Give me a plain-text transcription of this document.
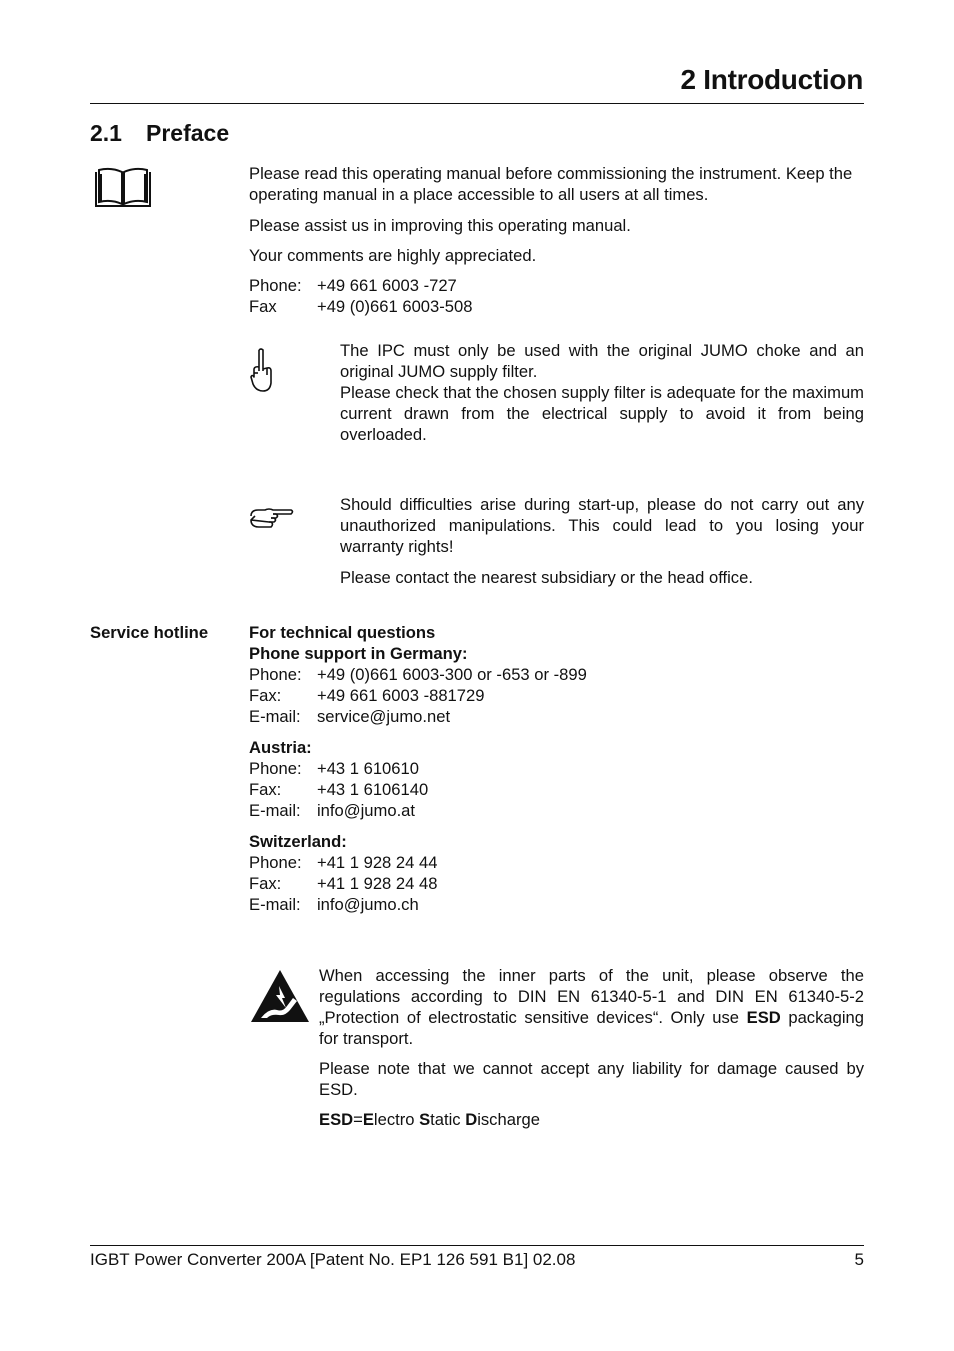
2 Introduction
2.1 Preface

Please read this operating manual before commissioning the instrument. Keep the operating manual in a place accessible to all users at all times.

Please assist us in improving this operating manual.

Your comments are highly appreciated.

Phone: +49 661 6003 -727
Fax	+49 (0)661 6003-508

The IPC must only be used with the original JUMO choke and an original JUMO supply filter.

Please check that the chosen supply filter is adequate for the maximum current drawn from the electrical supply to avoid it from being overloaded.

Should difficulties arise during start-up, please do not carry out any unauthorized manipulations. This could lead to you losing your warranty rights!

Please contact the nearest subsidiary or the head office.

Service hotline For technical questions

Phone support in Germany:

Phone: +49 (0)661 6003-300 or -653 or -899
Fax:	+49 661 6003 -881729
E-mail: service@jumo.net

Austria:

Phone: +43 1 610610
Fax:	+43 1 6106140
E-mail: info@jumo.at

Switzerland:

Phone: +41 1 928 24 44
Fax:	+41 1 928 24 48
E-mail: info@jumo.ch

When accessing the inner parts of the unit, please observe the regulations according to DIN EN 61340-5-1 and DIN EN 61340-5-2 „Protection of electrostatic sensitive devices“. Only use ESD packaging for transport.

Please note that we cannot accept any liability for damage caused by ESD.

ESD=Electro Static Discharge

IGBT Power Converter 200A [Patent No. EP1 126 591 B1] 02.08	5
